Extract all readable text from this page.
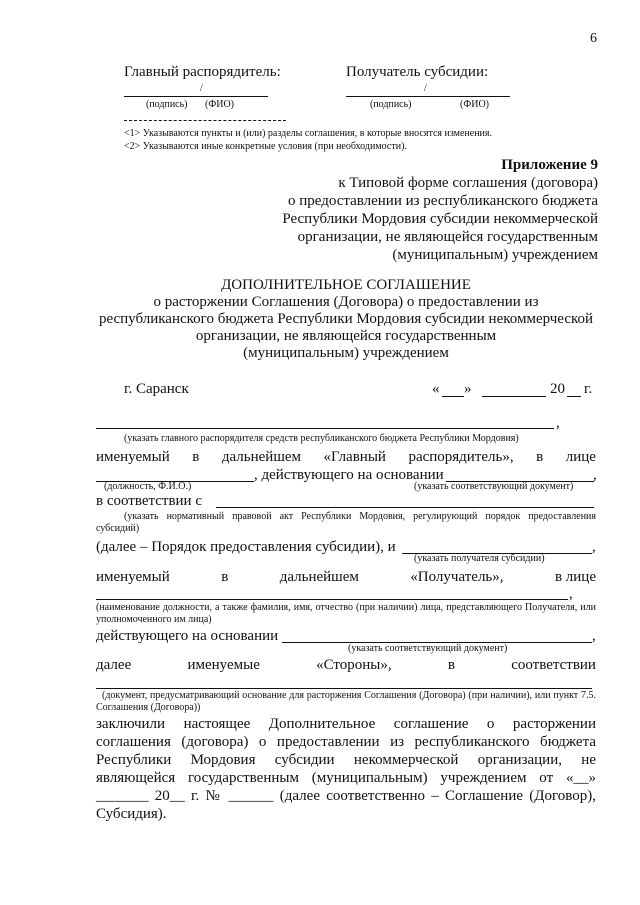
6
Главный распорядитель:	Получатель субсидии:
/	/
(подпись) (ФИО)	(подпись)	(ФИО)
<1> Указываются пункты и (или) разделы соглашения, в которые вносятся изменения.
<2> Указываются иные конкретные условия (при необходимости).
Приложение 9
к Типовой форме соглашения (договора)
о предоставлении из республиканского бюджета
Республики Мордовия субсидии некоммерческой
организации, не являющейся государственным
(муниципальным) учреждением
ДОПОЛНИТЕЛЬНОЕ СОГЛАШЕНИЕ
о расторжении Соглашения (Договора) о предоставлении из
республиканского бюджета Республики Мордовия субсидии некоммерческой
организации, не являющейся государственным
(муниципальным) учреждением
г. Саранск	« »	20 г.
,
(указать главного распорядителя средств республиканского бюджета Республики Мордовия)
именуемый в дальнейшем «Главный распорядитель», в лице
, действующего на основании	,
(должность, Ф.И.О.)	(указать соответствующий документ)
в соответствии с
(указать нормативный правовой акт Республики Мордовия, регулирующий порядок предоставления субсидий)
(далее – Порядок предоставления субсидии), и	,
(указать получателя субсидии)
именуемый	в	дальнейшем	«Получатель»,	в лице
,
(наименование должности, а также фамилия, имя, отчество (при наличии) лица, представляющего Получателя, или уполномоченного им лица)
действующего на основании	,
(указать соответствующий документ)
далее	именуемые	«Стороны»,	в	соответствии
(документ, предусматривающий основание для расторжения Соглашения (Договора) (при наличии), или пункт 7.5. Соглашения (Договора))
заключили настоящее Дополнительное соглашение о расторжении
соглашения (договора) о предоставлении из республиканского бюджета
Республики Мордовия субсидии некоммерческой организации, не
являющейся государственным (муниципальным) учреждением от «__»
_______ 20__ г. № ______ (далее соответственно – Соглашение (Договор),
Субсидия).
